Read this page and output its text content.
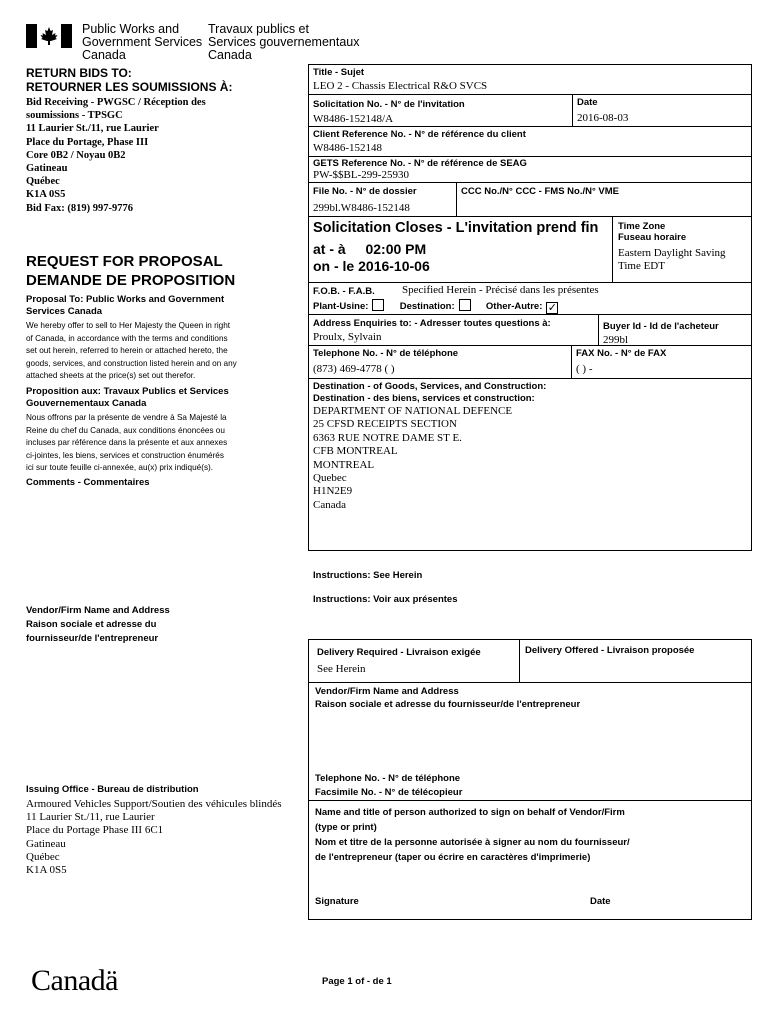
Public Works and
Government Services
Canada
Travaux publics et
Services gouvernementaux
Canada
RETURN BIDS TO:
RETOURNER LES SOUMISSIONS À:
Bid Receiving - PWGSC / Réception des
soumissions - TPSGC
11 Laurier St./11, rue Laurier
Place du Portage, Phase III
Core 0B2 / Noyau 0B2
Gatineau
Québec
K1A 0S5
Bid Fax: (819) 997-9776
REQUEST FOR PROPOSAL
DEMANDE DE PROPOSITION
Proposal To: Public Works and Government
Services Canada
We hereby offer to sell to Her Majesty the Queen in right
of Canada, in accordance with the terms and conditions
set out herein, referred to herein or attached hereto, the
goods, services, and construction listed herein and on any
attached sheets at the price(s) set out therefor.
Proposition aux: Travaux Publics et Services
Gouvernementaux Canada
Nous offrons par la présente de vendre à Sa Majesté la
Reine du chef du Canada, aux conditions énoncées ou
incluses par référence dans la présente et aux annexes
ci-jointes, les biens, services et construction énumérés
ici sur toute feuille ci-annexée, au(x) prix indiqué(s).
Comments - Commentaires
Vendor/Firm Name and Address
Raison sociale et adresse du
fournisseur/de l'entrepreneur
Issuing Office - Bureau de distribution
Armoured Vehicles Support/Soutien des véhicules blindés
11 Laurier St./11, rue Laurier
Place du Portage Phase III 6C1
Gatineau
Québec
K1A 0S5
Canadä
Title - Sujet
LEO 2 - Chassis Electrical R&O SVCS
Solicitation No. - N° de l'invitation
W8486-152148/A
Date
2016-08-03
Client Reference No. - N° de référence du client
W8486-152148
GETS Reference No. - N° de référence de SEAG
PW-$$BL-299-25930
File No. - N° de dossier
299bl.W8486-152148
CCC No./N° CCC - FMS No./N° VME
Solicitation Closes - L'invitation prend fin
at - à 02:00 PM
on - le 2016-10-06
Time Zone
Fuseau horaire
Eastern Daylight Saving
Time EDT
F.O.B. - F.A.B. Specified Herein - Précisé dans les présentes
Plant-Usine:	Destination:	Other-Autre: ✓
Address Enquiries to: - Adresser toutes questions à:
Proulx, Sylvain
Buyer Id - Id de l'acheteur
299bl
Telephone No. - N° de téléphone
(873) 469-4778 ( )
FAX No. - N° de FAX
( ) -
Destination - of Goods, Services, and Construction:
Destination - des biens, services et construction:
DEPARTMENT OF NATIONAL DEFENCE
25 CFSD RECEIPTS SECTION
6363 RUE NOTRE DAME ST E.
CFB MONTREAL
MONTREAL
Quebec
H1N2E9
Canada
Instructions: See Herein
Instructions: Voir aux présentes
Delivery Required - Livraison exigée
See Herein
Delivery Offered - Livraison proposée
Vendor/Firm Name and Address
Raison sociale et adresse du fournisseur/de l'entrepreneur
Telephone No. - N° de téléphone
Facsimile No. - N° de télécopieur
Name and title of person authorized to sign on behalf of Vendor/Firm
(type or print)
Nom et titre de la personne autorisée à signer au nom du fournisseur/
de l'entrepreneur (taper ou écrire en caractères d'imprimerie)
Signature	Date
Page 1 of - de 1
